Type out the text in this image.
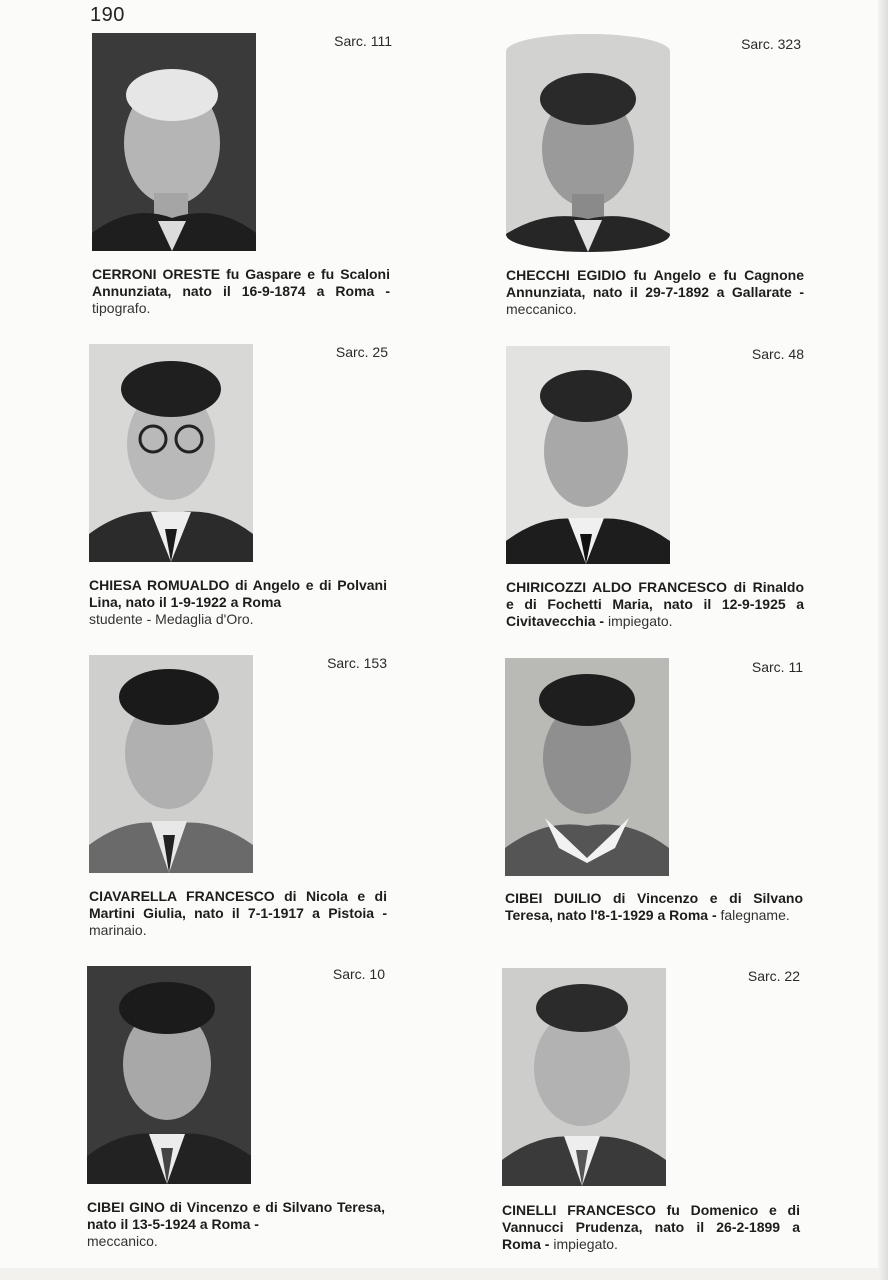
190
Sarc. 111
CERRONI ORESTE fu Gaspare e fu Scaloni Annunziata, nato il 16-9-1874 a Roma - tipografo.
Sarc. 323
CHECCHI EGIDIO fu Angelo e fu Cagnone Annunziata, nato il 29-7-1892 a Gallarate - meccanico.
Sarc. 25
CHIESA ROMUALDO di Angelo e di Polvani Lina, nato il 1-9-1922 a Roma
studente - Medaglia d'Oro.
Sarc. 48
CHIRICOZZI ALDO FRANCESCO di Rinaldo e di Fochetti Maria, nato il 12-9-1925 a Civitavecchia - impiegato.
Sarc. 153
CIAVARELLA FRANCESCO di Nicola e di Martini Giulia, nato il 7-1-1917 a Pistoia - marinaio.
Sarc. 11
CIBEI DUILIO di Vincenzo e di Silvano Teresa, nato l'8-1-1929 a Roma - falegname.
Sarc. 10
CIBEI GINO di Vincenzo e di Silvano Teresa, nato il 13-5-1924 a Roma -
meccanico.
Sarc. 22
CINELLI FRANCESCO fu Domenico e di Vannucci Prudenza, nato il 26-2-1899 a Roma - impiegato.
